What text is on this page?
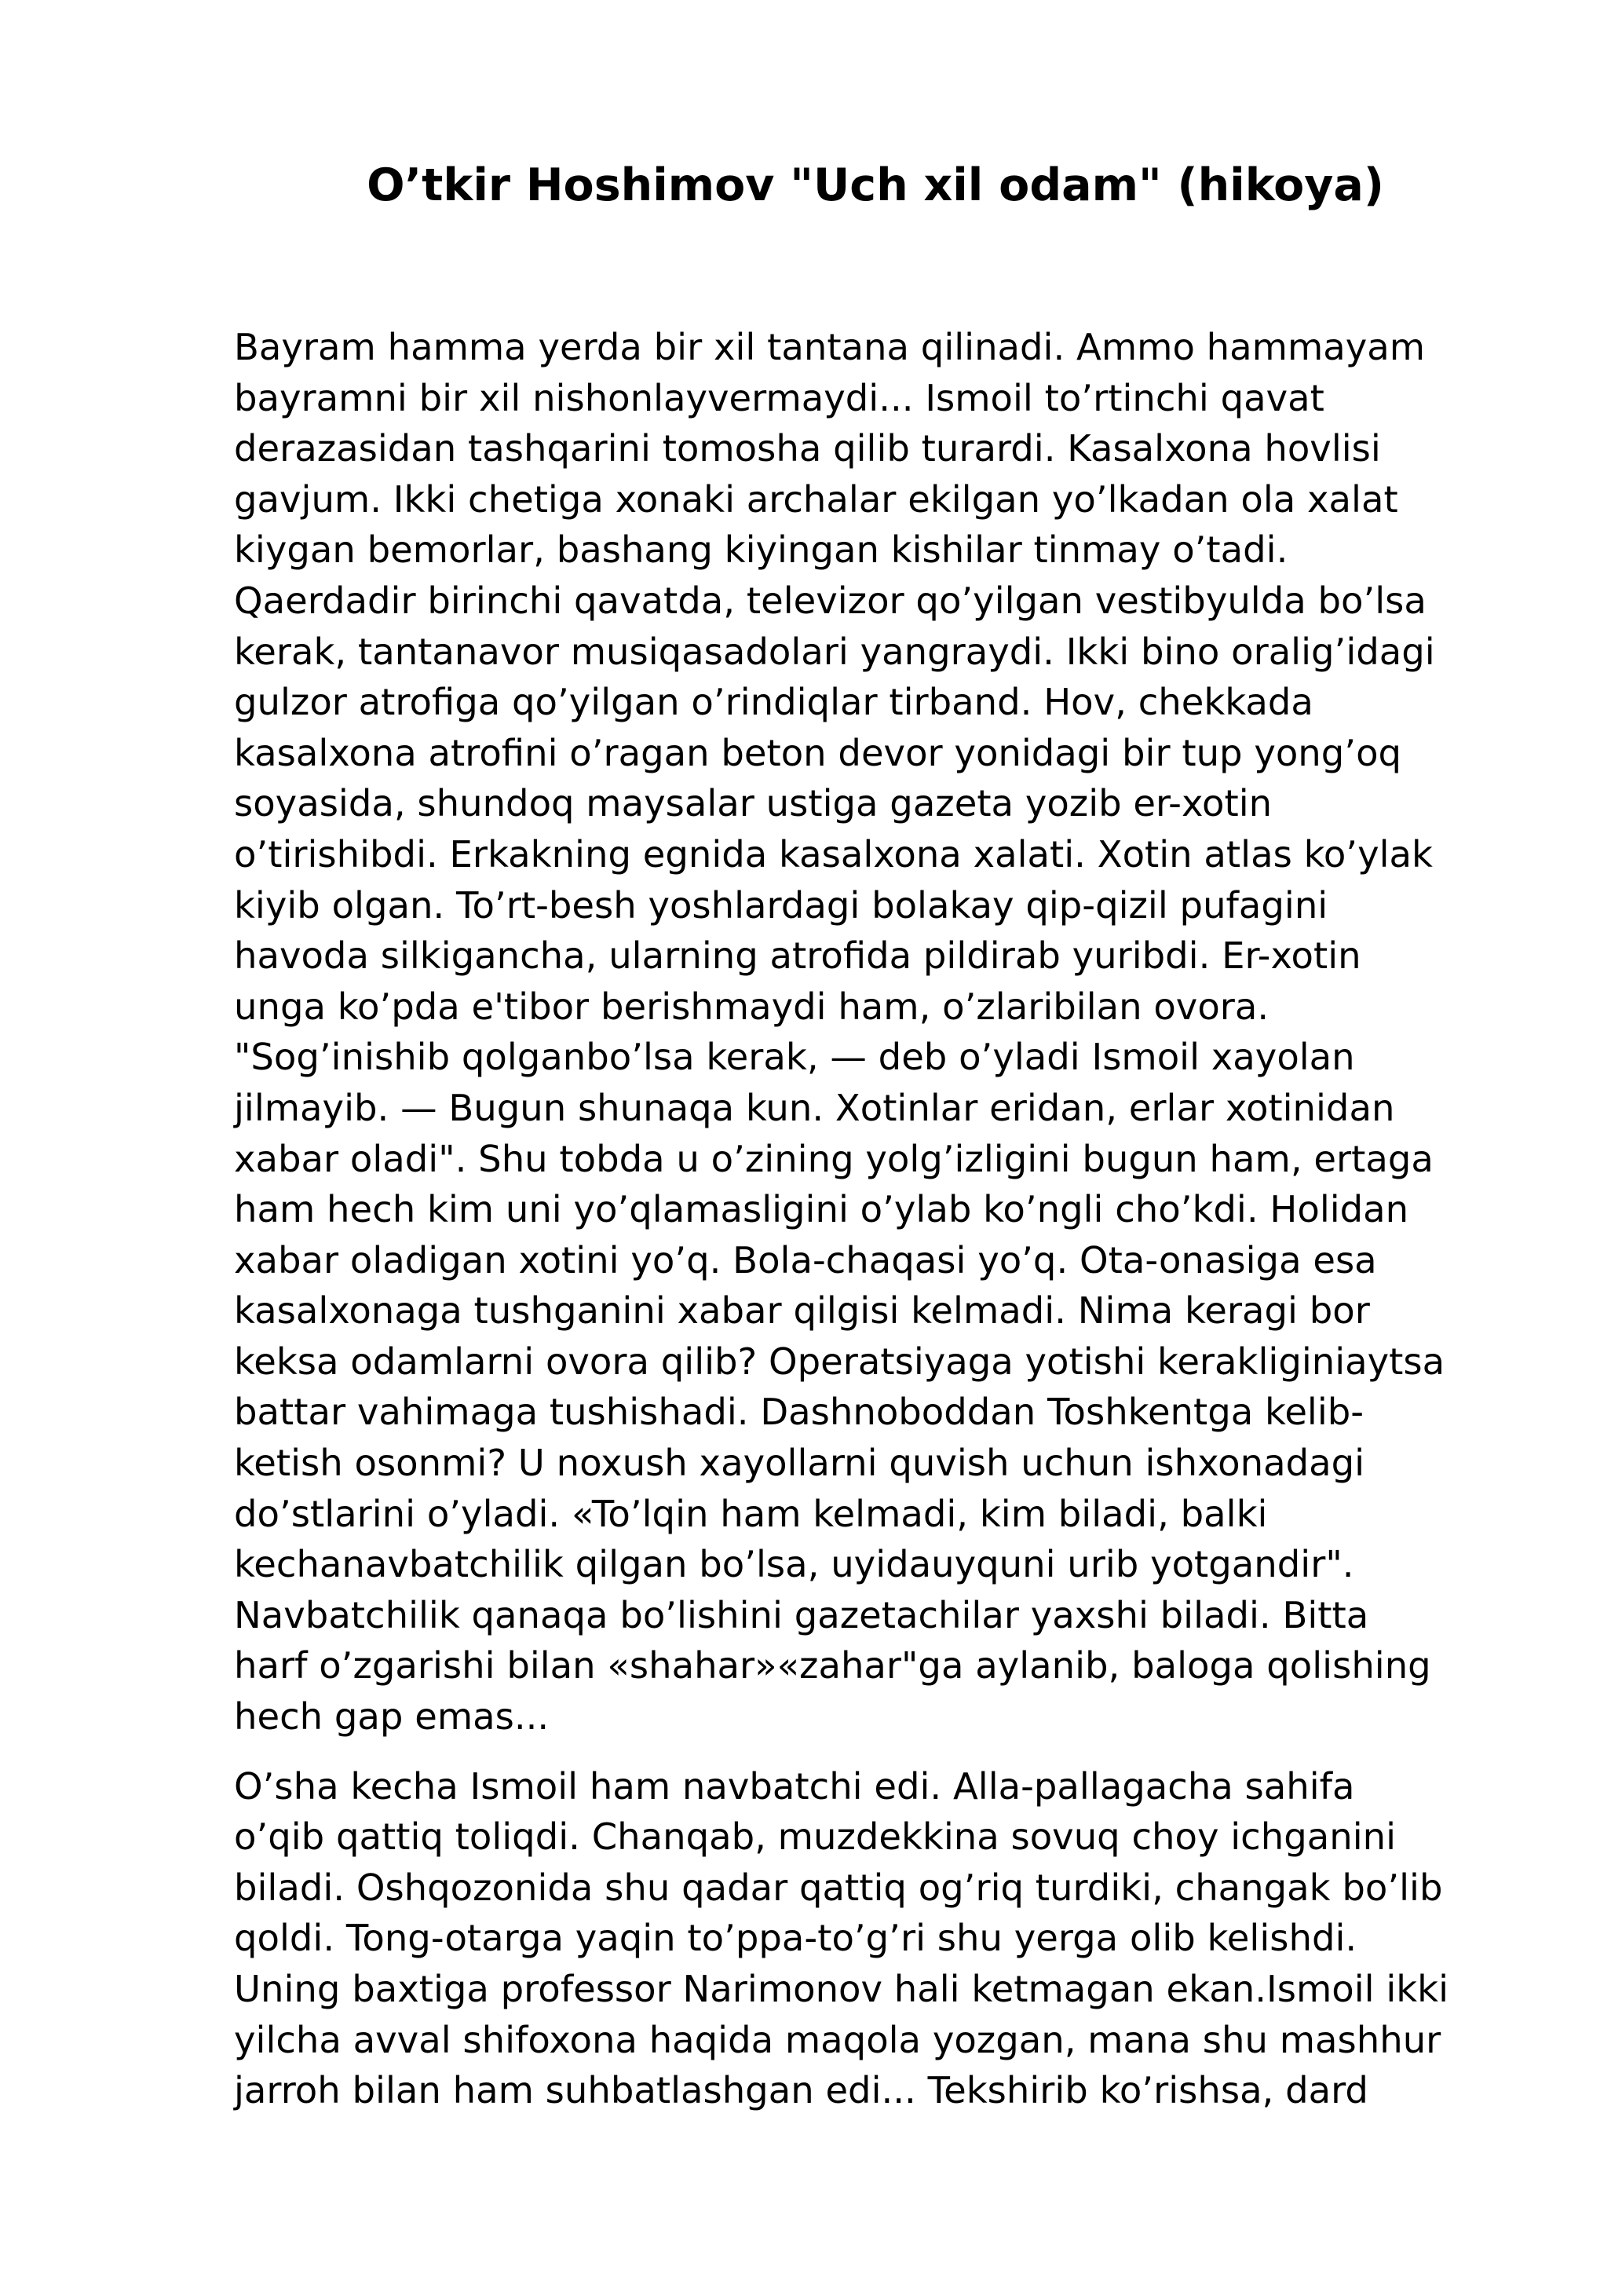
O’tkir Hoshimov "Uch xil odam" (hikoya)

Bayram hamma yerda bir xil tantana qilinadi. Ammo hammayam
bayramni bir xil nishonlayvermaydi... Ismoil to’rtinchi qavat
derazasidan tashqarini tomosha qilib turardi. Kasalxona hovlisi
gavjum. Ikki chetiga xonaki archalar ekilgan yo’lkadan ola xalat
kiygan bemorlar, bashang kiyingan kishilar tinmay o’tadi.
Qaerdadir birinchi qavatda, televizor qo’yilgan vestibyulda bo’lsa
kerak, tantanavor musiqasadolari yangraydi. Ikki bino oralig’idagi
gulzor atrofiga qo’yilgan o’rindiqlar tirband. Hov, chekkada
kasalxona atrofini o’ragan beton devor yonidagi bir tup yong’oq
soyasida, shundoq maysalar ustiga gazeta yozib er-xotin
o’tirishibdi. Erkakning egnida kasalxona xalati. Xotin atlas ko’ylak
kiyib olgan. To’rt-besh yoshlardagi bolakay qip-qizil pufagini
havoda silkigancha, ularning atrofida pildirab yuribdi. Er-xotin
unga ko’pda e'tibor berishmaydi ham, o’zlaribilan ovora.
"Sog’inishib qolganbo’lsa kerak, — deb o’yladi Ismoil xayolan
jilmayib. — Bugun shunaqa kun. Xotinlar eridan, erlar xotinidan
xabar oladi". Shu tobda u o’zining yolg’izligini bugun ham, ertaga
ham hech kim uni yo’qlamasligini o’ylab ko’ngli cho’kdi. Holidan
xabar oladigan xotini yo’q. Bola-chaqasi yo’q. Ota-onasiga esa
kasalxonaga tushganini xabar qilgisi kelmadi. Nima keragi bor
keksa odamlarni ovora qilib? Operatsiyaga yotishi kerakliginiaytsa
battar vahimaga tushishadi. Dashnoboddan Toshkentga kelib-
ketish osonmi? U noxush xayollarni quvish uchun ishxonadagi
do’stlarini o’yladi. «To’lqin ham kelmadi, kim biladi, balki
kechanavbatchilik qilgan bo’lsa, uyidauyquni urib yotgandir".
Navbatchilik qanaqa bo’lishini gazetachilar yaxshi biladi. Bitta
harf o’zgarishi bilan «shahar»«zahar"ga aylanib, baloga qolishing
hech gap emas...

O’sha kecha Ismoil ham navbatchi edi. Alla-pallagacha sahifa
o’qib qattiq toliqdi. Chanqab, muzdekkina sovuq choy ichganini
biladi. Oshqozonida shu qadar qattiq og’riq turdiki, changak bo’lib
qoldi. Tong-otarga yaqin to’ppa-to’g’ri shu yerga olib kelishdi.
Uning baxtiga professor Narimonov hali ketmagan ekan.Ismoil ikki
yilcha avval shifoxona haqida maqola yozgan, mana shu mashhur
jarroh bilan ham suhbatlashgan edi... Tekshirib ko’rishsa, dard
